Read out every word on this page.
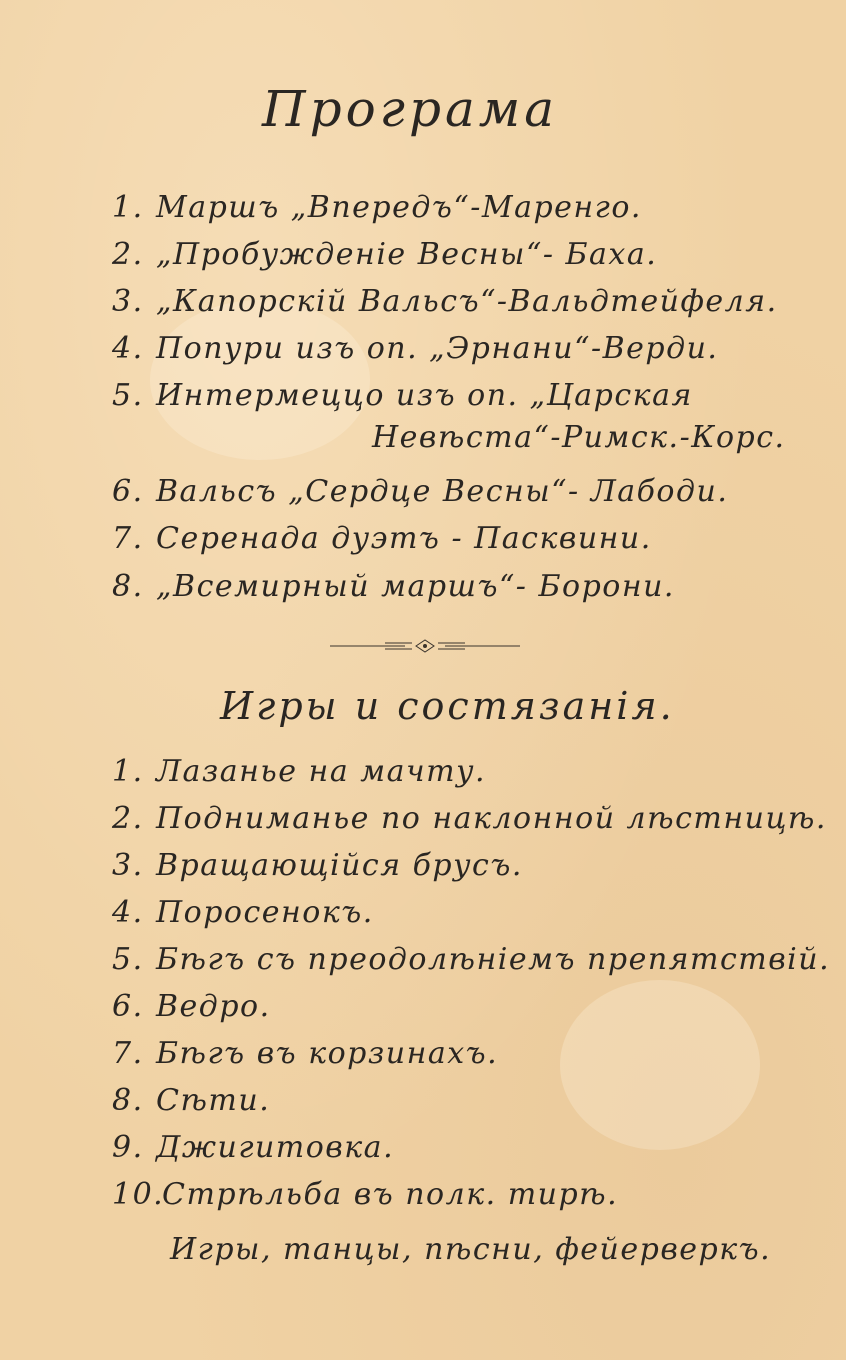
Програма
1. Маршъ „Впередъ“-Маренго.
2. „Пробужденіе Весны“- Баха.
3. „Капорскій Вальсъ“-Вальдтейфеля.
4. Попури изъ оп. „Эрнани“-Верди.
5. Интермеццо изъ оп. „Царская
Невѣста“-Римск.-Корс.
6. Вальсъ „Сердце Весны“- Лабоди.
7. Серенада дуэтъ - Пасквини.
8. „Всемирный маршъ“- Борони.
Игры и состязанія.
1. Лазанье на мачту.
2. Подниманье по наклонной лѣстницѣ.
3. Вращающійся брусъ.
4. Поросенокъ.
5. Бѣгъ съ преодолѣніемъ препятствій.
6. Ведро.
7. Бѣгъ въ корзинахъ.
8. Сѣти.
9. Джигитовка.
10.Стрѣльба въ полк. тирѣ.
Игры, танцы, пѣсни, фейерверкъ.
